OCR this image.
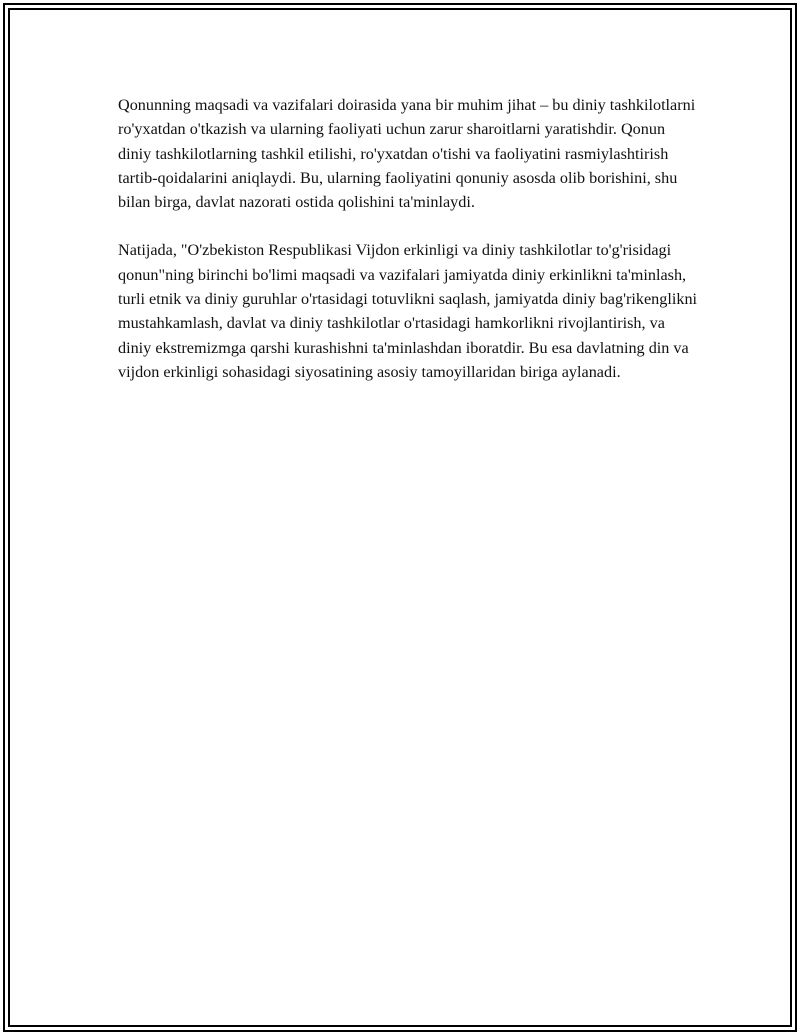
Qonunning maqsadi va vazifalari doirasida yana bir muhim jihat – bu diniy tashkilotlarni ro'yxatdan o'tkazish va ularning faoliyati uchun zarur sharoitlarni yaratishdir. Qonun diniy tashkilotlarning tashkil etilishi, ro'yxatdan o'tishi va faoliyatini rasmiylashtirish tartib-qoidalarini aniqlaydi. Bu, ularning faoliyatini qonuniy asosda olib borishini, shu bilan birga, davlat nazorati ostida qolishini ta'minlaydi.

Natijada, "O'zbekiston Respublikasi Vijdon erkinligi va diniy tashkilotlar to'g'risidagi qonun"ning birinchi bo'limi maqsadi va vazifalari jamiyatda diniy erkinlikni ta'minlash, turli etnik va diniy guruhlar o'rtasidagi totuvlikni saqlash, jamiyatda diniy bag'rikenglikni mustahkamlash, davlat va diniy tashkilotlar o'rtasidagi hamkorlikni rivojlantirish, va diniy ekstremizmga qarshi kurashishni ta'minlashdan iboratdir. Bu esa davlatning din va vijdon erkinligi sohasidagi siyosatining asosiy tamoyillaridan biriga aylanadi.
